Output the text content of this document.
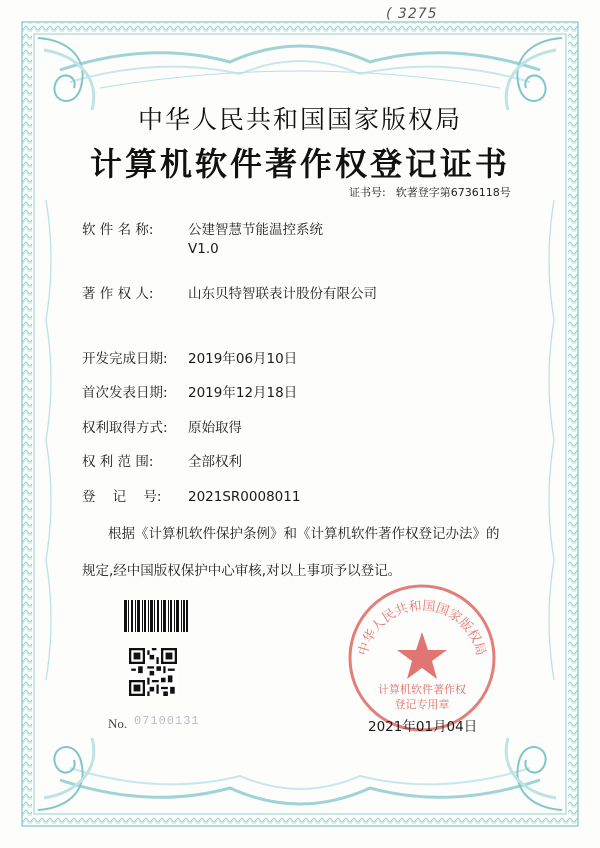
( 3275
中华人民共和国国家版权局
计算机软件著作权登记证书
证书号: 软著登字第6736118号
软 件 名 称:	公建智慧节能温控系统
V1.0
著 作 权 人:	山东贝特智联表计股份有限公司
开发完成日期: 2019年06月10日
首次发表日期: 2019年12月18日
权利取得方式: 原始取得
权 利 范 围:	全部权利
登    记    号: 2021SR0008011
根据《计算机软件保护条例》和《计算机软件著作权登记办法》的
规定,经中国版权保护中心审核,对以上事项予以登记。
No. 07100131
中华人民共和国国家版权局
计算机软件著作权
登记专用章
2021年01月04日
